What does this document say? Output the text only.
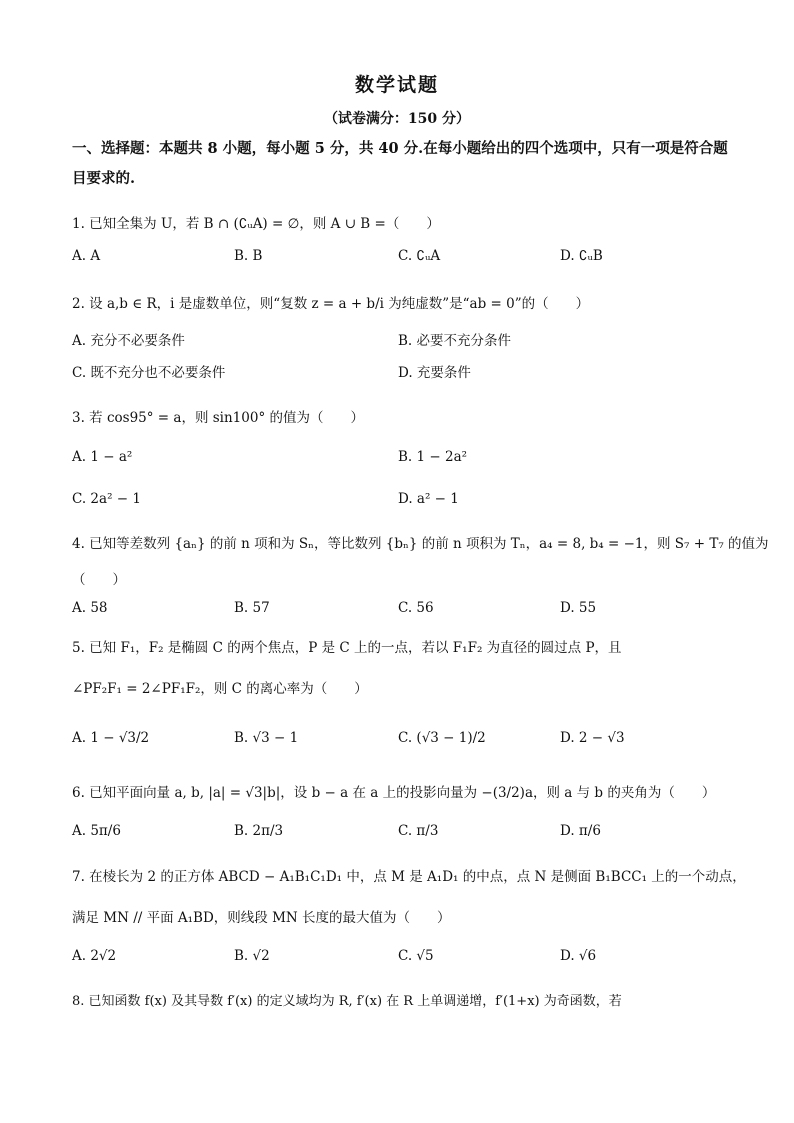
数学试题
（试卷满分：150 分）
一、选择题：本题共 8 小题，每小题 5 分，共 40 分.在每小题给出的四个选项中，只有一项是符合题目要求的.
1. 已知全集为 U，若 B ∩ (∁ᵤA) = ∅，则 A ∪ B =（　　）
A. A	B. B	C. ∁ᵤA	D. ∁ᵤB
2. 设 a,b ∈ R，i 是虚数单位，则“复数 z = a + b/i 为纯虚数”是“ab = 0”的（　　）
A. 充分不必要条件	B. 必要不充分条件
C. 既不充分也不必要条件	D. 充要条件
3. 若 cos95° = a，则 sin100° 的值为（　　）
A. 1 − a²	B. 1 − 2a²
C. 2a² − 1	D. a² − 1
4. 已知等差数列 {aₙ} 的前 n 项和为 Sₙ，等比数列 {bₙ} 的前 n 项积为 Tₙ，a₄ = 8, b₄ = −1，则 S₇ + T₇ 的值为
（　　）
A. 58	B. 57	C. 56	D. 55
5. 已知 F₁，F₂ 是椭圆 C 的两个焦点，P 是 C 上的一点，若以 F₁F₂ 为直径的圆过点 P，且
∠PF₂F₁ = 2∠PF₁F₂，则 C 的离心率为（　　）
A. 1 − √3/2	B. √3 − 1	C. (√3 − 1)/2	D. 2 − √3
6. 已知平面向量 a, b, |a| = √3|b|，设 b − a 在 a 上的投影向量为 −(3/2)a，则 a 与 b 的夹角为（　　）
A. 5π/6	B. 2π/3	C. π/3	D. π/6
7. 在棱长为 2 的正方体 ABCD − A₁B₁C₁D₁ 中，点 M 是 A₁D₁ 的中点，点 N 是侧面 B₁BCC₁ 上的一个动点，
满足 MN // 平面 A₁BD，则线段 MN 长度的最大值为（　　）
A. 2√2	B. √2	C. √5	D. √6
8. 已知函数 f(x) 及其导数 f′(x) 的定义域均为 R, f′(x) 在 R 上单调递增，f′(1+x) 为奇函数，若
